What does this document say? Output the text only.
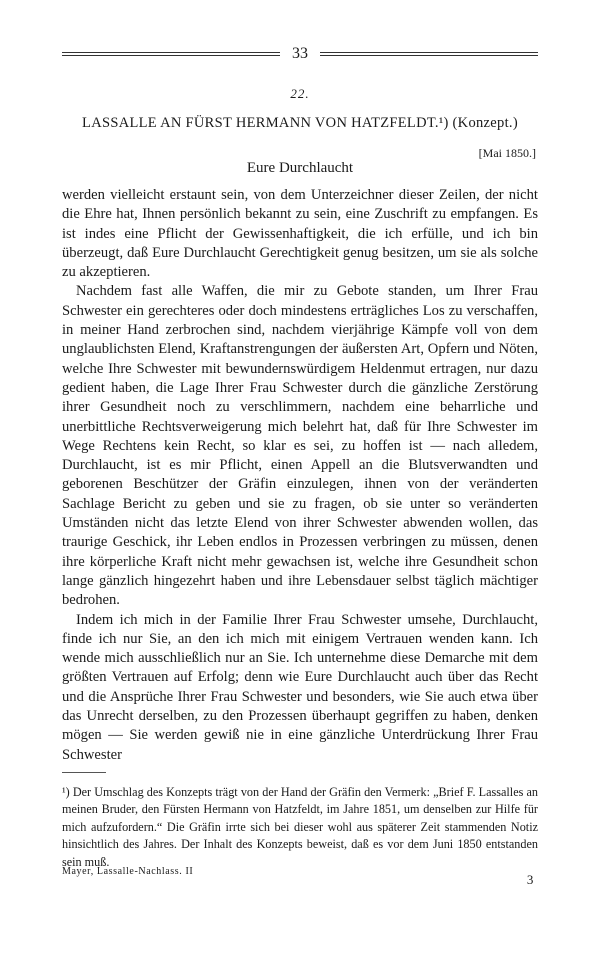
33
22.
LASSALLE AN FÜRST HERMANN VON HATZFELDT.¹) (Konzept.)
[Mai 1850.]
Eure Durchlaucht

werden vielleicht erstaunt sein, von dem Unterzeichner dieser Zeilen, der nicht die Ehre hat, Ihnen persönlich bekannt zu sein, eine Zuschrift zu empfangen. Es ist indes eine Pflicht der Gewissenhaftigkeit, die ich erfülle, und ich bin überzeugt, daß Eure Durchlaucht Gerechtigkeit genug besitzen, um sie als solche zu akzeptieren.

Nachdem fast alle Waffen, die mir zu Gebote standen, um Ihrer Frau Schwester ein gerechteres oder doch mindestens erträgliches Los zu verschaffen, in meiner Hand zerbrochen sind, nachdem vierjährige Kämpfe voll von dem unglaublichsten Elend, Kraftanstrengungen der äußersten Art, Opfern und Nöten, welche Ihre Schwester mit bewundernswürdigem Heldenmut ertragen, nur dazu gedient haben, die Lage Ihrer Frau Schwester durch die gänzliche Zerstörung ihrer Gesundheit noch zu verschlimmern, nachdem eine beharrliche und unerbittliche Rechtsverweigerung mich belehrt hat, daß für Ihre Schwester im Wege Rechtens kein Recht, so klar es sei, zu hoffen ist — nach alledem, Durchlaucht, ist es mir Pflicht, einen Appell an die Blutsverwandten und geborenen Beschützer der Gräfin einzulegen, ihnen von der veränderten Sachlage Bericht zu geben und sie zu fragen, ob sie unter so veränderten Umständen nicht das letzte Elend von ihrer Schwester abwenden wollen, das traurige Geschick, ihr Leben endlos in Prozessen verbringen zu müssen, denen ihre körperliche Kraft nicht mehr gewachsen ist, welche ihre Gesundheit schon lange gänzlich hingezehrt haben und ihre Lebensdauer selbst täglich mächtiger bedrohen.

Indem ich mich in der Familie Ihrer Frau Schwester umsehe, Durchlaucht, finde ich nur Sie, an den ich mich mit einigem Vertrauen wenden kann. Ich wende mich ausschließlich nur an Sie. Ich unternehme diese Demarche mit dem größten Vertrauen auf Erfolg; denn wie Eure Durchlaucht auch über das Recht und die Ansprüche Ihrer Frau Schwester und besonders, wie Sie auch etwa über das Unrecht derselben, zu den Prozessen überhaupt gegriffen zu haben, denken mögen — Sie werden gewiß nie in eine gänzliche Unterdrückung Ihrer Frau Schwester

¹) Der Umschlag des Konzepts trägt von der Hand der Gräfin den Vermerk: „Brief F. Lassalles an meinen Bruder, den Fürsten Hermann von Hatzfeldt, im Jahre 1851, um denselben zur Hilfe für mich aufzufordern.“ Die Gräfin irrte sich bei dieser wohl aus späterer Zeit stammenden Notiz hinsichtlich des Jahres. Der Inhalt des Konzepts beweist, daß es vor dem Juni 1850 entstanden sein muß.
Mayer, Lassalle-Nachlass. II
3
